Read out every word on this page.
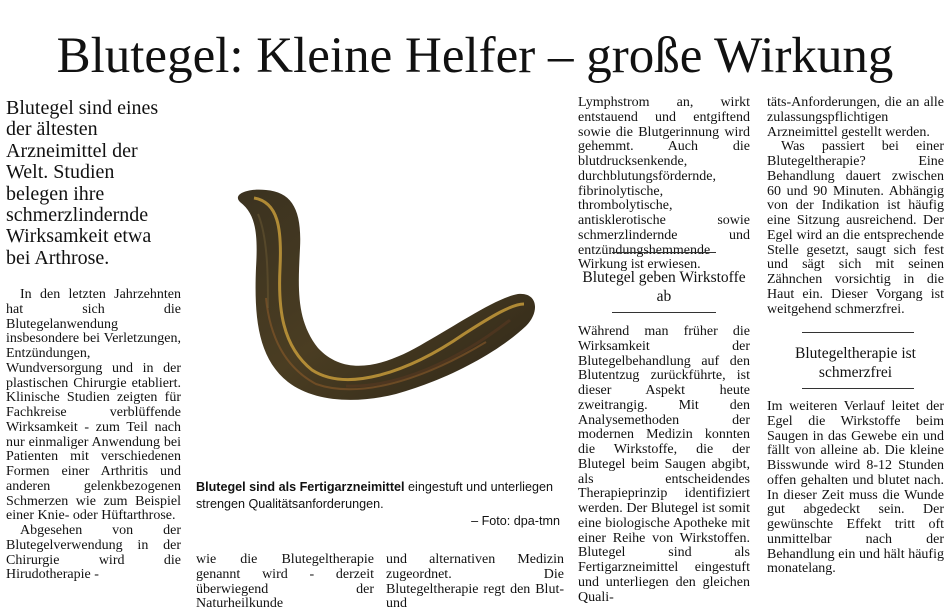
Blutegel: Kleine Helfer – große Wirkung
Blutegel sind eines der ältesten Arzneimittel der Welt. Studien belegen ihre schmerzlindernde Wirksamkeit etwa bei Arthrose.

In den letzten Jahrzehnten hat sich die Blutegelanwendung insbesondere bei Verletzungen, Entzündungen, Wundversorgung und in der plastischen Chirurgie etabliert. Klinische Studien zeigten für Fachkreise verblüffende Wirksamkeit - zum Teil nach nur einmaliger Anwendung bei Patienten mit verschiedenen Formen einer Arthritis und anderen gelenkbezogenen Schmerzen wie zum Beispiel einer Knie- oder Hüftarthrose.

Abgesehen von der Blutegelverwendung in der Chirurgie wird die Hirudotherapie -

Blutegel sind als Fertigarzneimittel eingestuft und unterliegen strengen Qualitätsanforderungen.

– Foto: dpa-tmn
wie die Blutegeltherapie genannt wird - derzeit überwiegend der Naturheilkunde
und alternativen Medizin zugeordnet. Die Blutegeltherapie regt den Blut- und
Lymphstrom an, wirkt entstauend und entgiftend sowie die Blutgerinnung wird gehemmt. Auch die blutdrucksenkende, durchblutungsfördernde, fibrinolytische, thrombolytische, antisklerotische sowie schmerzlindernde und entzündungshemmende Wirkung ist erwiesen.
Blutegel geben Wirkstoffe ab
Während man früher die Wirksamkeit der Blutegelbehandlung auf den Blutentzug zurückführte, ist dieser Aspekt heute zweitrangig. Mit den Analysemethoden der modernen Medizin konnten die Wirkstoffe, die der Blutegel beim Saugen abgibt, als entscheidendes Therapieprinzip identifiziert werden. Der Blutegel ist somit eine biologische Apotheke mit einer Reihe von Wirkstoffen. Blutegel sind als Fertigarzneimittel eingestuft und unterliegen den gleichen Quali-

täts-Anforderungen, die an alle zulassungspflichtigen Arzneimittel gestellt werden.

Was passiert bei einer Blutegeltherapie? Eine Behandlung dauert zwischen 60 und 90 Minuten. Abhängig von der Indikation ist häufig eine Sitzung ausreichend. Der Egel wird an die entsprechende Stelle gesetzt, saugt sich fest und sägt sich mit seinen Zähnchen vorsichtig in die Haut ein. Dieser Vorgang ist weitgehend schmerzfrei.

Blutegeltherapie ist schmerzfrei
Im weiteren Verlauf leitet der Egel die Wirkstoffe beim Saugen in das Gewebe ein und fällt von alleine ab. Die kleine Bisswunde wird 8-12 Stunden offen gehalten und blutet nach. In dieser Zeit muss die Wunde gut abgedeckt sein. Der gewünschte Effekt tritt oft unmittelbar nach der Behandlung ein und hält häufig monatelang.
